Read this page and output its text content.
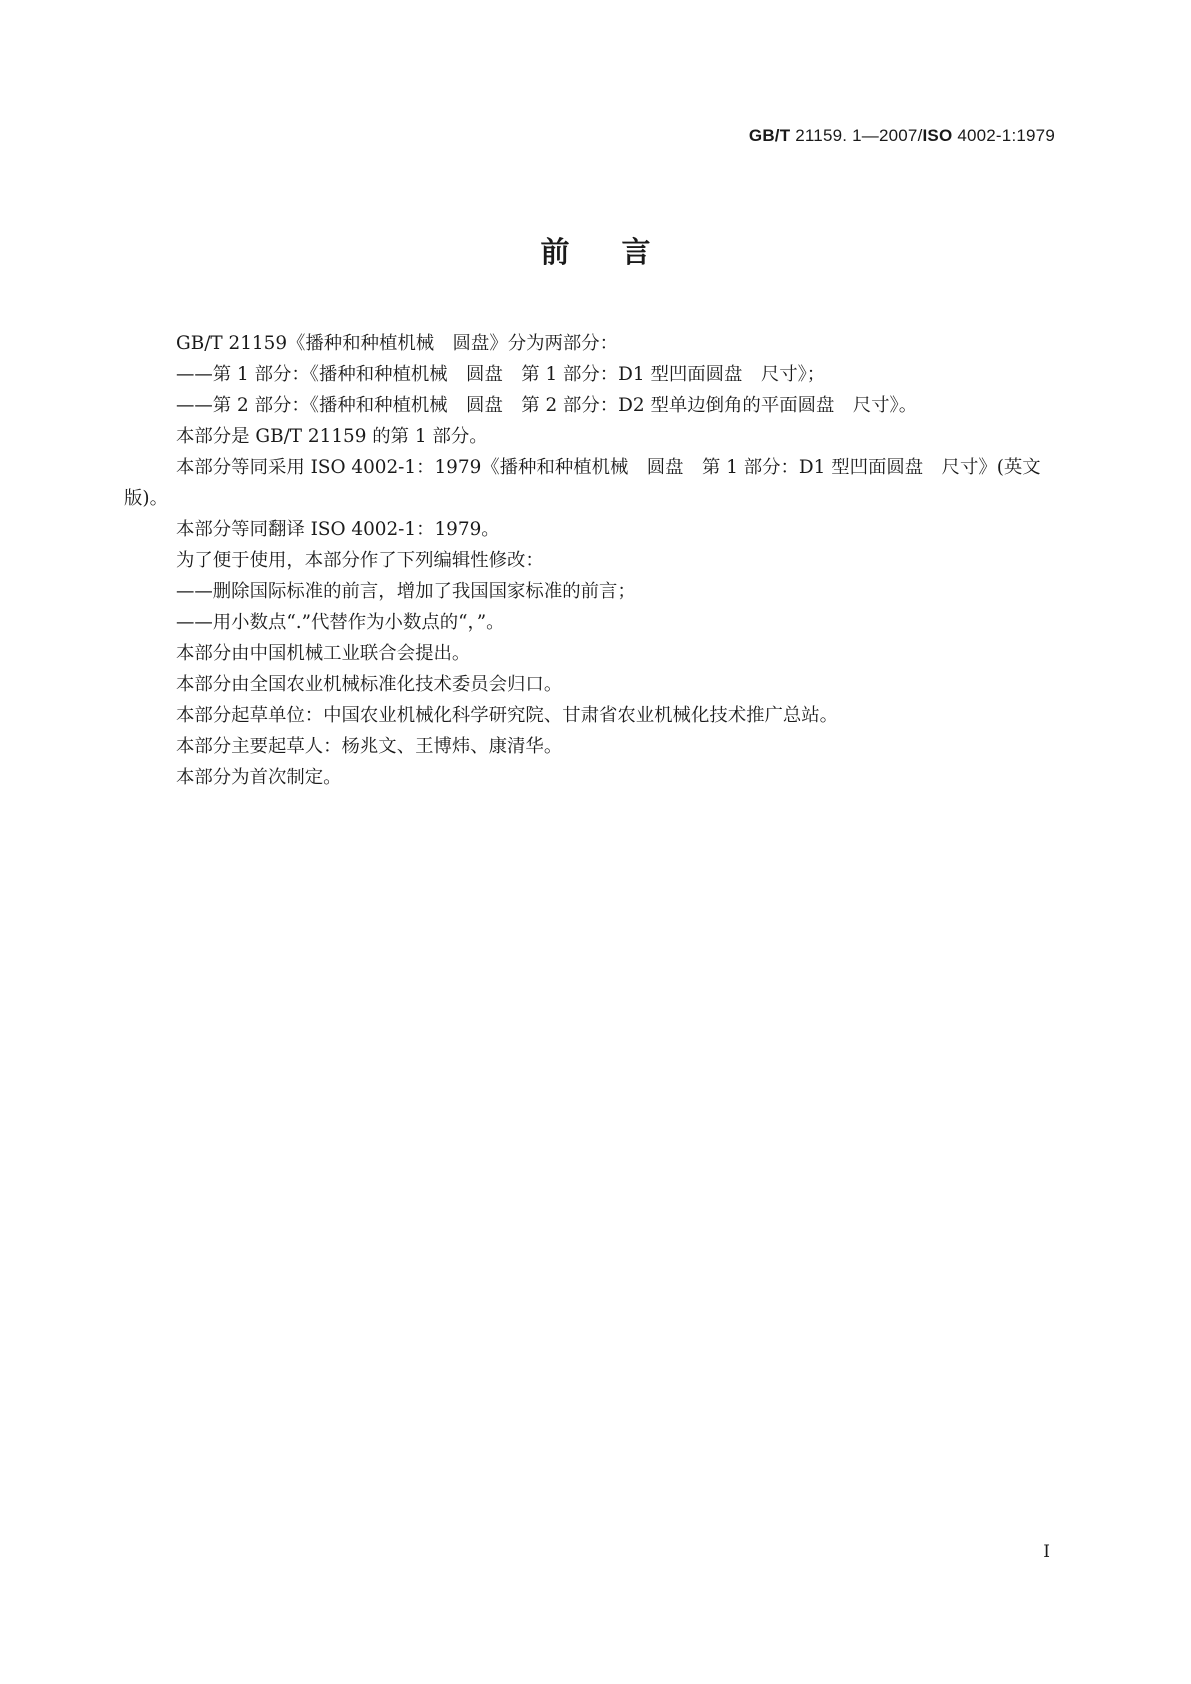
GB/T 21159. 1—2007/ISO 4002-1:1979
前言

GB/T 21159《播种和种植机械　圆盘》分为两部分：

——第 1 部分：《播种和种植机械　圆盘　第 1 部分：D1 型凹面圆盘　尺寸》；

——第 2 部分：《播种和种植机械　圆盘　第 2 部分：D2 型单边倒角的平面圆盘　尺寸》。

本部分是 GB/T 21159 的第 1 部分。

本部分等同采用 ISO 4002-1：1979《播种和种植机械　圆盘　第 1 部分：D1 型凹面圆盘　尺寸》(英文版)。

本部分等同翻译 ISO 4002-1：1979。

为了便于使用，本部分作了下列编辑性修改：

——删除国际标准的前言，增加了我国国家标准的前言；

——用小数点“.”代替作为小数点的“，”。

本部分由中国机械工业联合会提出。

本部分由全国农业机械标准化技术委员会归口。

本部分起草单位：中国农业机械化科学研究院、甘肃省农业机械化技术推广总站。

本部分主要起草人：杨兆文、王博炜、康清华。

本部分为首次制定。

I
